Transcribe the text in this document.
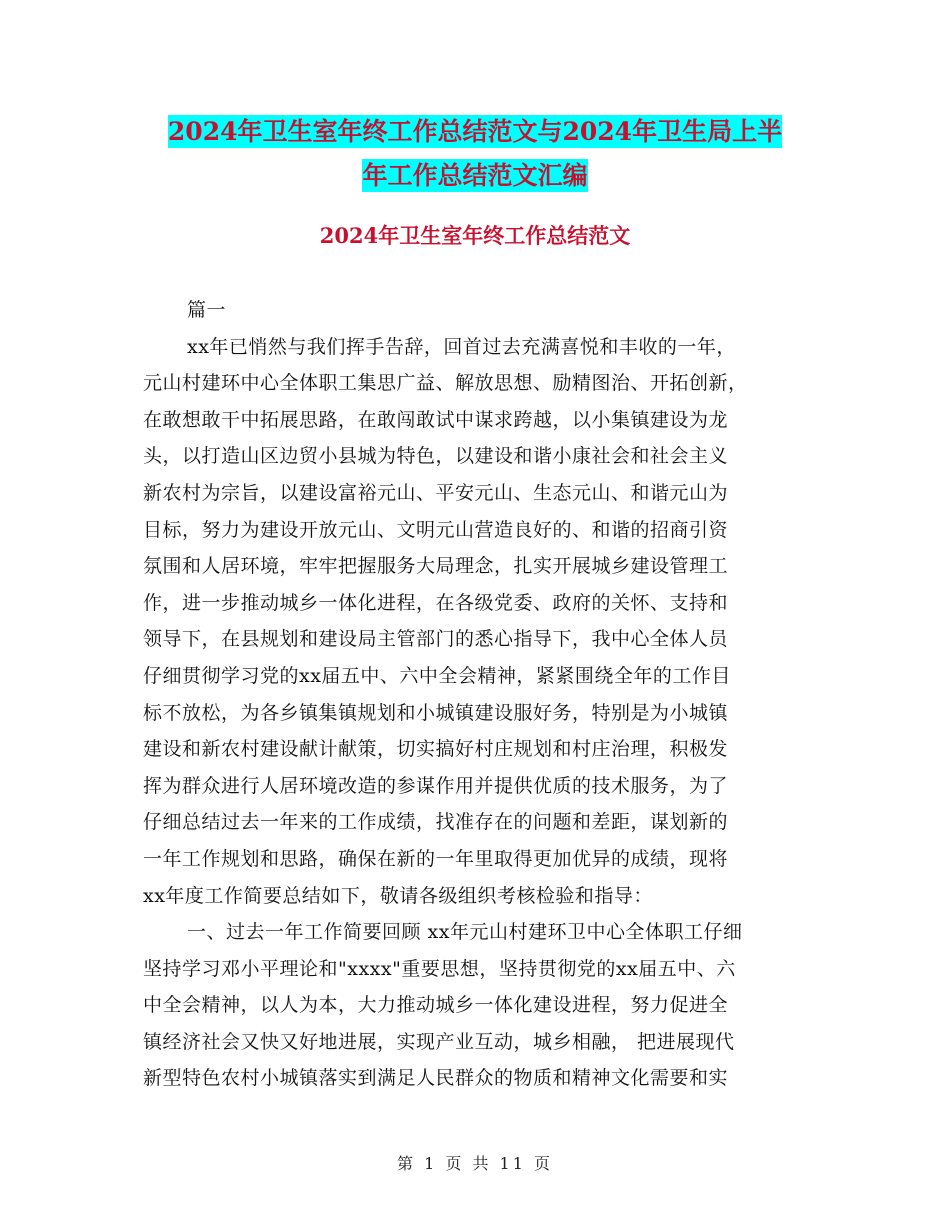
2024年卫生室年终工作总结范文与2024年卫生局上半
年工作总结范文汇编
2024年卫生室年终工作总结范文
篇一
xx年已悄然与我们挥手告辞，回首过去充满喜悦和丰收的一年，
元山村建环中心全体职工集思广益、解放思想、励精图治、开拓创新，
在敢想敢干中拓展思路，在敢闯敢试中谋求跨越，以小集镇建设为龙
头，以打造山区边贸小县城为特色，以建设和谐小康社会和社会主义
新农村为宗旨，以建设富裕元山、平安元山、生态元山、和谐元山为
目标，努力为建设开放元山、文明元山营造良好的、和谐的招商引资
氛围和人居环境，牢牢把握服务大局理念，扎实开展城乡建设管理工
作，进一步推动城乡一体化进程，在各级党委、政府的关怀、支持和
领导下，在县规划和建设局主管部门的悉心指导下，我中心全体人员
仔细贯彻学习党的xx届五中、六中全会精神，紧紧围绕全年的工作目
标不放松，为各乡镇集镇规划和小城镇建设服好务，特别是为小城镇
建设和新农村建设献计献策，切实搞好村庄规划和村庄治理，积极发
挥为群众进行人居环境改造的参谋作用并提供优质的技术服务，为了
仔细总结过去一年来的工作成绩，找准存在的问题和差距，谋划新的
一年工作规划和思路，确保在新的一年里取得更加优异的成绩，现将
xx年度工作简要总结如下，敬请各级组织考核检验和指导：
一、过去一年工作简要回顾 xx年元山村建环卫中心全体职工仔细
坚持学习邓小平理论和"xxxx"重要思想，坚持贯彻党的xx届五中、六
中全会精神，以人为本，大力推动城乡一体化建设进程，努力促进全
镇经济社会又快又好地进展，实现产业互动，城乡相融， 把进展现代
新型特色农村小城镇落实到满足人民群众的物质和精神文化需要和实
第 1 页 共 11 页
